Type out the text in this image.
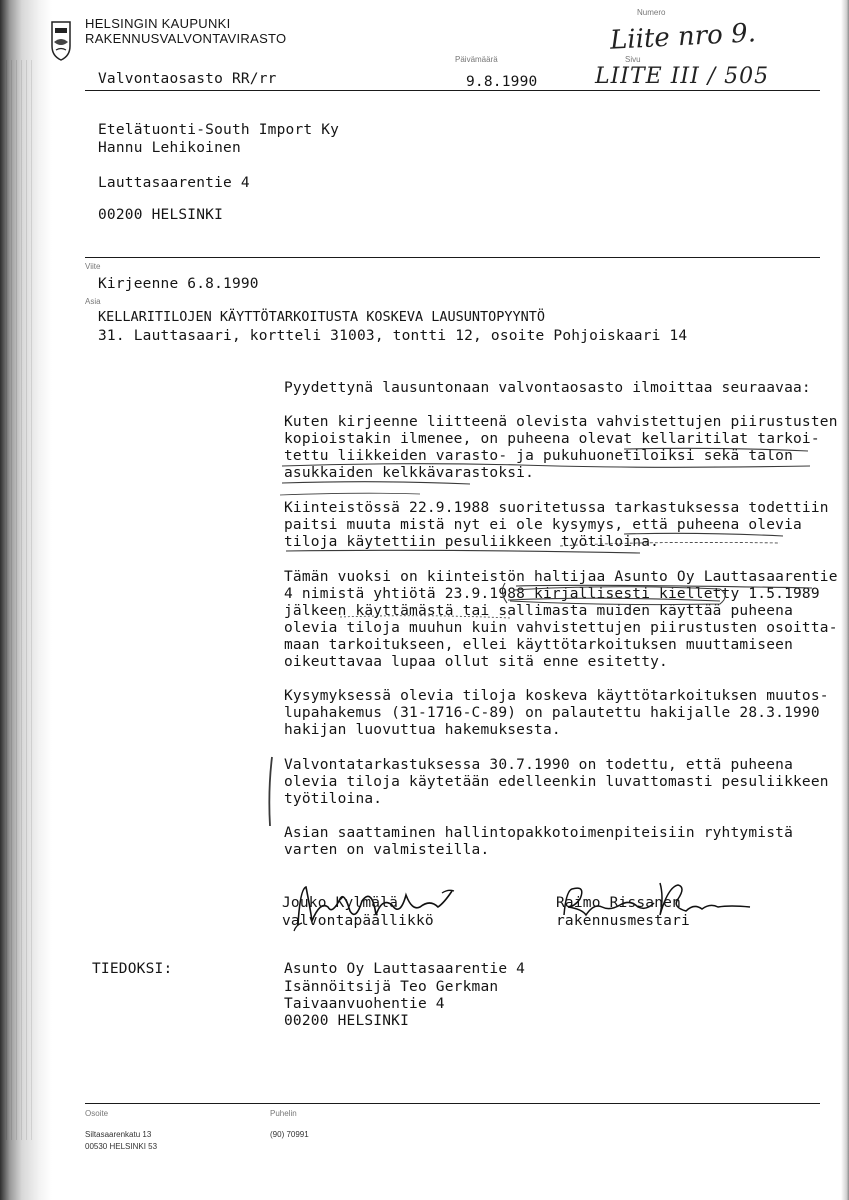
HELSINGIN KAUPUNKI
RAKENNUSVALVONTAVIRASTO
Numero
Liite nro 9.
Päivämäärä	Sivu
Valvontaosasto RR/rr	9.8.1990	LIITE III / 505
Etelätuonti-South Import Ky
Hannu Lehikoinen
Lauttasaarentie 4
00200 HELSINKI
Viite
Kirjeenne 6.8.1990
Asia
KELLARITILOJEN KÄYTTÖTARKOITUSTA KOSKEVA LAUSUNTOPYYNTÖ
31. Lauttasaari, kortteli 31003, tontti 12, osoite Pohjoiskaari 14
Pyydettynä lausuntonaan valvontaosasto ilmoittaa seuraavaa:
Kuten kirjeenne liitteenä olevista vahvistettujen piirustusten
kopioistakin ilmenee, on puheena olevat kellaritilat tarkoi-
tettu liikkeiden varasto- ja pukuhuonetiloiksi sekä talon
asukkaiden kelkkävarastoksi.
Kiinteistössä 22.9.1988 suoritetussa tarkastuksessa todettiin
paitsi muuta mistä nyt ei ole kysymys, että puheena olevia
tiloja käytettiin pesuliikkeen työtiloina.
Tämän vuoksi on kiinteistön haltijaa Asunto Oy Lauttasaarentie
4 nimistä yhtiötä 23.9.1988 kirjallisesti kielletty 1.5.1989
jälkeen käyttämästä tai sallimasta muiden käyttää puheena
olevia tiloja muuhun kuin vahvistettujen piirustusten osoitta-
maan tarkoitukseen, ellei käyttötarkoituksen muuttamiseen
oikeuttavaa lupaa ollut sitä enne esitetty.
Kysymyksessä olevia tiloja koskeva käyttötarkoituksen muutos-
lupahakemus (31-1716-C-89) on palautettu hakijalle 28.3.1990
hakijan luovuttua hakemuksesta.
Valvontatarkastuksessa 30.7.1990 on todettu, että puheena
olevia tiloja käytetään edelleenkin luvattomasti pesuliikkeen
työtiloina.
Asian saattaminen hallintopakkotoimenpiteisiin ryhtymistä
varten on valmisteilla.

Jouko Kylmälä
valvontapäällikkö

Raimo Rissanen
rakennusmestari
TIEDOKSI:	Asunto Oy Lauttasaarentie 4
Isännöitsijä Teo Gerkman
Taivaanvuohentie 4
00200 HELSINKI
Osoite	Puhelin
Siltasaarenkatu 13
00530 HELSINKI 53
(90) 70991
